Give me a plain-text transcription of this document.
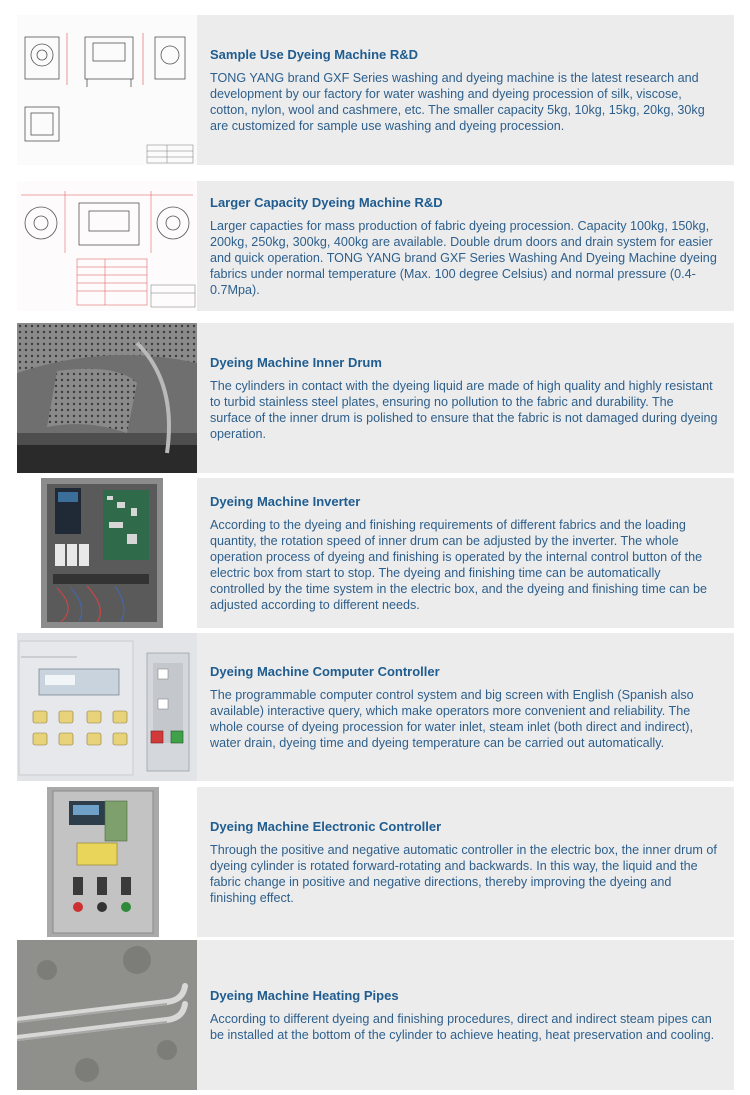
Sample Use Dyeing Machine R&D
TONG YANG brand GXF Series washing and dyeing machine is the latest research and development by our factory for water washing and dyeing procession of silk, viscose, cotton, nylon, wool and cashmere, etc. The smaller capacity 5kg, 10kg, 15kg, 20kg, 30kg are customized for sample use washing and dyeing procession.
Larger Capacity Dyeing Machine R&D
Larger capacties for mass production of fabric dyeing procession. Capacity 100kg, 150kg, 200kg, 250kg, 300kg, 400kg are available. Double drum doors and drain system for easier and quick operation. TONG YANG brand GXF Series Washing And Dyeing Machine dyeing fabrics under normal temperature (Max. 100 degree Celsius) and normal pressure (0.4-0.7Mpa).
Dyeing Machine Inner Drum
The cylinders in contact with the dyeing liquid are made of high quality and highly resistant to turbid stainless steel plates, ensuring no pollution to the fabric and durability. The surface of the inner drum is polished to ensure that the fabric is not damaged during dyeing operation.
Dyeing Machine Inverter
According to the dyeing and finishing requirements of different fabrics and the loading quantity, the rotation speed of inner drum can be adjusted by the inverter. The whole operation process of dyeing and finishing is operated by the internal control button of the electric box from start to stop. The dyeing and finishing time can be automatically controlled by the time system in the electric box, and the dyeing and finishing time can be adjusted according to different needs.
Dyeing Machine Computer Controller
The programmable computer control system and big screen with English (Spanish also available) interactive query, which make operators more convenient and reliability. The whole course of dyeing procession for water inlet, steam inlet (both direct and indirect), water drain, dyeing time and dyeing temperature can be carried out automatically.
Dyeing Machine Electronic Controller
Through the positive and negative automatic controller in the electric box, the inner drum of dyeing cylinder is rotated forward-rotating and backwards. In this way, the liquid and the fabric change in positive and negative directions, thereby improving the dyeing and finishing effect.
Dyeing Machine Heating Pipes
According to different dyeing and finishing procedures, direct and indirect steam pipes can be installed at the bottom of the cylinder to achieve heating, heat preservation and cooling.
